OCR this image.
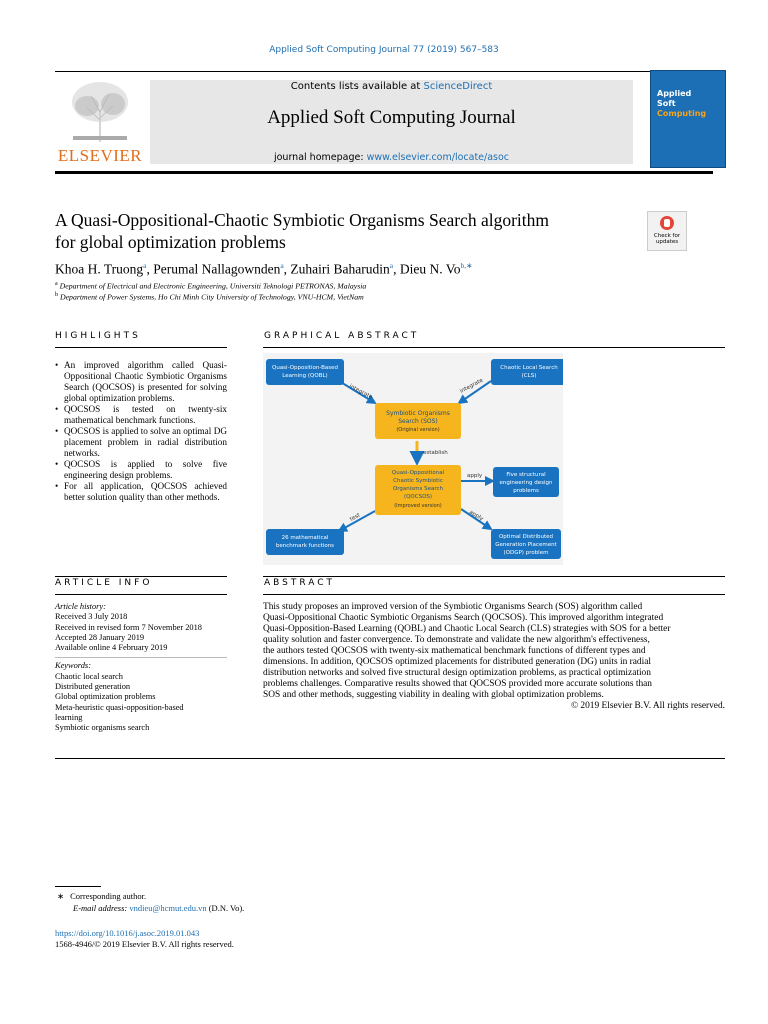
Applied Soft Computing Journal 77 (2019) 567–583
ELSEVIER
Contents lists available at ScienceDirect
Applied Soft Computing Journal
journal homepage: www.elsevier.com/locate/asoc
Applied
Soft
Computing
A Quasi-Oppositional-Chaotic Symbiotic Organisms Search algorithm
for global optimization problems	Check for
updates
Khoa H. Truong$^a$, Perumal Nallagownden$^a$, Zuhairi Baharudin$^a$, Dieu N. $Vo^{b,∗}$
$^a$ Department of Electrical and Electronic Engineering, Universiti Teknologi PETRONAS, Malaysia
$^b$ Department of Power Systems, Ho Chi Minh City University of Technology, VNU-HCM, VietNam
HIGHLIGHTS
• An improved algorithm called Quasi-Oppositional Chaotic Symbiotic Organisms Search (QOCSOS) is presented for solving global optimization problems.
• QOCSOS is tested on twenty-six mathematical benchmark functions.
• QOCSOS is applied to solve an optimal DG placement problem in radial distribution networks.
• QOCSOS is applied to solve five engineering design problems.
• For all application, QOCSOS achieved better solution quality than other methods.
GRAPHICAL ABSTRACT
integrate	integrate
establish
apply
test	apply
Quasi-Opposition-Based
Learning (QOBL)
Chaotic Local Search
(CLS)
Symbiotic Organisms
Search (SOS)
(Original version)
Quasi-Oppositional
Chaotic Symbiotic
Organisms Search
(QOCSOS)
(Improved version)
Five structural
engineering design
problems
26 mathematical
benchmark functions
Optimal Distributed
Generation Placement
(ODGP) problem
ARTICLE INFO
Article history:
Received 3 July 2018
Received in revised form 7 November 2018
Accepted 28 January 2019
Available online 4 February 2019
Keywords:
Chaotic local search
Distributed generation
Global optimization problems
Meta-heuristic quasi-opposition-based
learning
Symbiotic organisms search
ABSTRACT
This study proposes an improved version of the Symbiotic Organisms Search (SOS) algorithm called
Quasi-Oppositional Chaotic Symbiotic Organisms Search (QOCSOS). This improved algorithm integrated
Quasi-Opposition-Based Learning (QOBL) and Chaotic Local Search (CLS) strategies with SOS for a better
quality solution and faster convergence. To demonstrate and validate the new algorithm's effectiveness,
the authors tested QOCSOS with twenty-six mathematical benchmark functions of different types and
dimensions. In addition, QOCSOS optimized placements for distributed generation (DG) units in radial
distribution networks and solved five structural design optimization problems, as practical optimization
problems challenges. Comparative results showed that QOCSOS provided more accurate solutions than
SOS and other methods, suggesting viability in dealing with global optimization problems.
© 2019 Elsevier B.V. All rights reserved.
∗ Corresponding author.
E-mail address: vndieu@hcmut.edu.vn (D.N. Vo).
https://doi.org/10.1016/j.asoc.2019.01.043
1568-4946/© 2019 Elsevier B.V. All rights reserved.
